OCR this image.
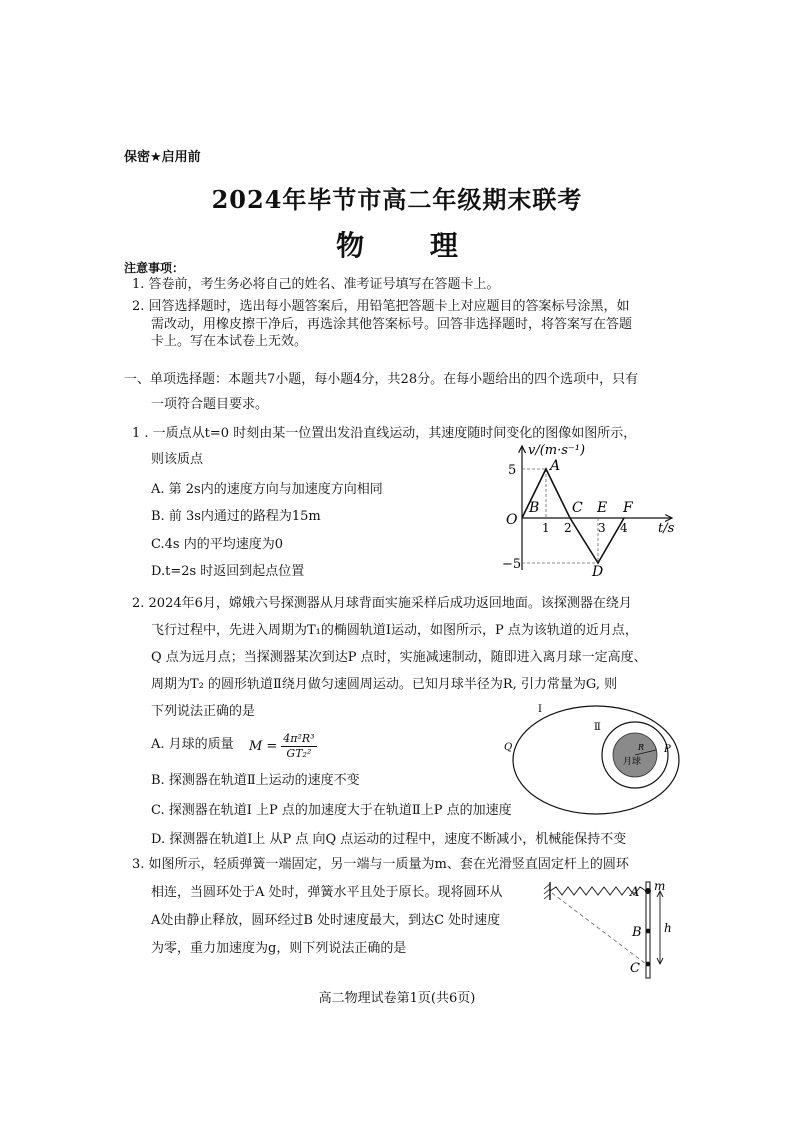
保密★启用前
2024年毕节市高二年级期末联考
物 理
注意事项：
1. 答卷前，考生务必将自己的姓名、准考证号填写在答题卡上。
2. 回答选择题时，选出每小题答案后，用铅笔把答题卡上对应题目的答案标号涂黑，如
需改动，用橡皮擦干净后，再选涂其他答案标号。回答非选择题时，将答案写在答题
卡上。写在本试卷上无效。
一、单项选择题：本题共7小题，每小题4分，共28分。在每小题给出的四个选项中，只有
一项符合题目要求。
1 . 一质点从t=0 时刻由某一位置出发沿直线运动，其速度随时间变化的图像如图所示，
则该质点
A. 第 2s内的速度方向与加速度方向相同
B. 前 3s内通过的路程为15m
C.4s 内的平均速度为0
D.t=2s 时返回到起点位置
v/(m·s⁻¹)
t/s
O
5
−5
1 2 3 4
A
B C
D
E F
2. 2024年6月，嫦娥六号探测器从月球背面实施采样后成功返回地面。该探测器在绕月
飞行过程中，先进入周期为T₁的椭圆轨道I运动，如图所示，P 点为该轨道的近月点，
Q 点为远月点；当探测器某次到达P 点时，实施减速制动，随即进入离月球一定高度、
周期为T₂ 的圆形轨道Ⅱ绕月做匀速圆周运动。已知月球半径为R, 引力常量为G, 则
下列说法正确的是
A. 月球的质量 $M = \frac{\text{4π²R³}}{\text{GT₂²}}$
B. 探测器在轨道Ⅱ上运动的速度不变
C. 探测器在轨道I 上P 点的加速度大于在轨道Ⅱ上P 点的加速度
D. 探测器在轨道I上 从P 点 向Q 点运动的过程中，速度不断减小，机械能保持不变
I
Ⅱ
Q	P
R
月球
3. 如图所示，轻质弹簧一端固定，另一端与一质量为m、套在光滑竖直固定杆上的圆环
相连，当圆环处于A 处时，弹簧水平且处于原长。现将圆环从
A处由静止释放，圆环经过B 处时速度最大，到达C 处时速度
为零，重力加速度为g，则下列说法正确的是
A
B
C
m
h
高二物理试卷第1页(共6页)
